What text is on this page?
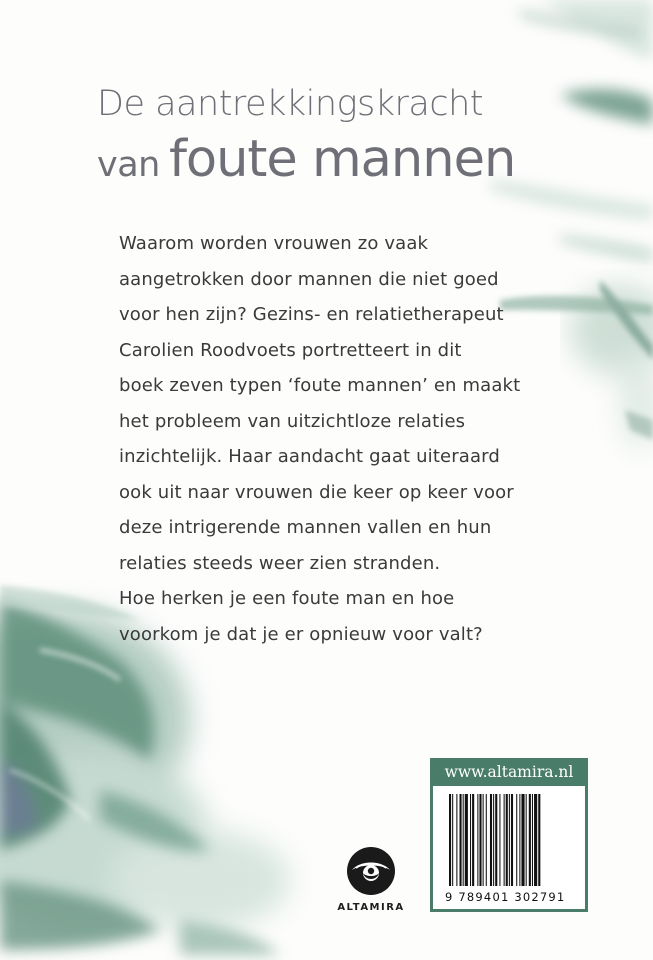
De aantrekkingskracht
van foute mannen
Waarom worden vrouwen zo vaak
aangetrokken door mannen die niet goed
voor hen zijn? Gezins- en relatietherapeut
Carolien Roodvoets portretteert in dit
boek zeven typen ‘foute mannen’ en maakt
het probleem van uitzichtloze relaties
inzichtelijk. Haar aandacht gaat uiteraard
ook uit naar vrouwen die keer op keer voor
deze intrigerende mannen vallen en hun
relaties steeds weer zien stranden.
Hoe herken je een foute man en hoe
voorkom je dat je er opnieuw voor valt?
ALTAMIRA
www.altamira.nl
9 789401 302791
